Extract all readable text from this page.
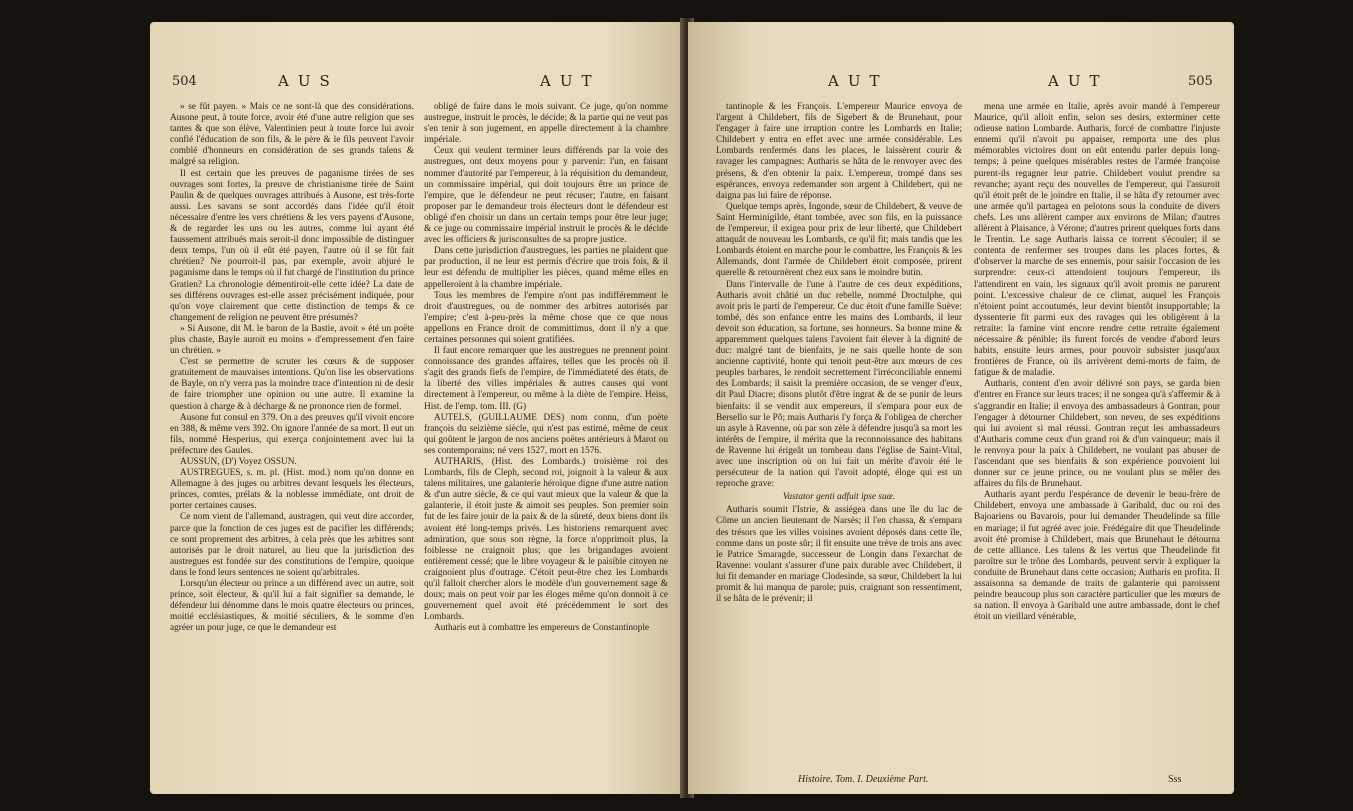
504	AUS	AUT

» se fût payen. » Mais ce ne sont-là que des considérations. Ausone peut, à toute force, avoir été d'une autre religion que ses tantes & que son élève, Valentinien peut à toute force lui avoir confié l'éducation de son fils, & le père & le fils peuvent l'avoir comblé d'honneurs en considération de ses grands talens & malgré sa religion.

Il est certain que les preuves de paganisme tirées de ses ouvrages sont fortes, la preuve de christianisme tirée de Saint Paulin & de quelques ouvrages attribués à Ausone, est très-forte aussi. Les savans se sont accordés dans l'idée qu'il étoit nécessaire d'entre les vers chrétiens & les vers payens d'Ausone, & de regarder les uns ou les autres, comme lui ayant été faussement attribués mais seroit-il donc impossible de distinguer deux temps, l'un où il eût été payen, l'autre où il se fût fait chrétien? Ne pourroit-il pas, par exemple, avoir abjuré le paganisme dans le temps où il fut chargé de l'institution du prince Gratien? La chronologie démentiroit-elle cette idée? La date de ses différens ouvrages est-elle assez précisément indiquée, pour qu'on voye clairement que cette distinction de temps & ce changement de religion ne peuvent être présumés?

» Si Ausone, dit M. le baron de la Bastie, avoit » été un poëte plus chaste, Bayle auroit eu moins » d'empressement d'en faire un chrétien. »

C'est se permettre de scruter les cœurs & de supposer gratuitement de mauvaises intentions. Qu'on lise les observations de Bayle, on n'y verra pas la moindre trace d'intention ni de desir de faire triompher une opinion ou une autre. Il examine la question à charge & à décharge & ne prononce rien de formel.

Ausone fut consul en 379. On a des preuves qu'il vivoit encore en 388, & même vers 392. On ignore l'année de sa mort. Il eut un fils, nommé Hesperius, qui exerça conjointement avec lui la préfecture des Gaules.

AUSSUN, (D') Voyez OSSUN.

AUSTREGUES, s. m. pl. (Hist. mod.) nom qu'on donne en Allemagne à des juges ou arbitres devant lesquels les électeurs, princes, comtes, prélats & la noblesse immédiate, ont droit de porter certaines causes.

Ce nom vient de l'allemand, austragen, qui veut dire accorder, parce que la fonction de ces juges est de pacifier les différends; ce sont proprement des arbitres, à cela près que les arbitres sont autorisés par le droit naturel, au lieu que la jurisdiction des austregues est fondée sur des constitutions de l'empire, quoique dans le fond leurs sentences ne soient qu'arbitrales.

Lorsqu'un électeur ou prince a un différend avec un autre, soit prince, soit électeur, & qu'il lui a fait signifier sa demande, le défendeur lui dénomme dans le mois quatre électeurs ou princes, moitié ecclésiastiques, & moitié séculiers, & le somme d'en agréer un pour juge, ce que le demandeur est

obligé de faire dans le mois suivant. Ce juge, qu'on nomme austregue, instruit le procès, le décide; & la partie qui ne veut pas s'en tenir à son jugement, en appelle directement à la chambre impériale.

Ceux qui veulent terminer leurs différends par la voie des austregues, ont deux moyens pour y parvenir: l'un, en faisant nommer d'autorité par l'empereur, à la réquisition du demandeur, un commissaire impérial, qui doit toujours être un prince de l'empire, que le défendeur ne peut récuser; l'autre, en faisant proposer par le demandeur trois électeurs dont le défendeur est obligé d'en choisir un dans un certain temps pour être leur juge; & ce juge ou commissaire impérial instruit le procès & le décide avec les officiers & jurisconsultes de sa propre justice.

Dans cette jurisdiction d'austregues, les parties ne plaident que par production, il ne leur est permis d'écrire que trois fois, & il leur est défendu de multiplier les pièces, quand même elles en appelleroient à la chambre impériale.

Tous les membres de l'empire n'ont pas indifféremment le droit d'austregues, ou de nommer des arbitres autorisés par l'empire; c'est à-peu-près la même chose que ce que nous appellons en France droit de committimus, dont il n'y a que certaines personnes qui soient gratifiées.

Il faut encore remarquer que les austregues ne prennent point connoissance des grandes affaires, telles que les procès où il s'agit des grands fiefs de l'empire, de l'immédiateté des états, de la liberté des villes impériales & autres causes qui vont directement à l'empereur, ou même à la diète de l'empire. Heiss, Hist. de l'emp. tom. III. (G)

AUTELS, (GUILLAUME DES) nom connu, d'un poëte françois du seizième siècle, qui n'est pas estimé, même de ceux qui goûtent le jargon de nos anciens poëtes antérieurs à Marot ou ses contemporains; né vers 1527, mort en 1576.

AUTHARIS, (Hist. des Lombards.) troisième roi des Lombards, fils de Cleph, second roi, joignoit à la valeur & aux talens militaires, une galanterie héroïque digne d'une autre nation & d'un autre siècle, & ce qui vaut mieux que la valeur & que la galanterie, il étoit juste & aimoit ses peuples. Son premier soin fut de les faire jouir de la paix & de la sûreté, deux biens dont ils avoient été long-temps privés. Les historiens remarquent avec admiration, que sous son règne, la force n'opprimoit plus, la foiblesse ne craignoit plus; que les brigandages avoient entièrement cessé; que le libre voyageur & le paisible citoyen ne craignoient plus d'outrage. C'étoit peut-être chez les Lombards qu'il falloit chercher alors le modèle d'un gouvernement sage & doux; mais on peut voir par les éloges même qu'on donnoit à ce gouvernement quel avoit été précédemment le sort des Lombards.

Autharis eut à combattre les empereurs de Constantinople

AUT	AUT	505

tantinople & les François. L'empereur Maurice envoya de l'argent à Childebert, fils de Sigebert & de Brunehaut, pour l'engager à faire une irruption contre les Lombards en Italie; Childebert y entra en effet avec une armée considérable. Les Lombards renfermés dans les places, le laissèrent courir & ravager les campagnes: Autharis se hâta de le renvoyer avec des présens, & d'en obtenir la paix. L'empereur, trompé dans ses espérances, envoya redemander son argent à Childebert, qui ne daigna pas lui faire de réponse.

Quelque temps après, Ingonde, sœur de Childebert, & veuve de Saint Herminigilde, étant tombée, avec son fils, en la puissance de l'empereur, il exigea pour prix de leur liberté, que Childebert attaquât de nouveau les Lombards, ce qu'il fit; mais tandis que les Lombards étoient en marche pour le combattre, les François & les Allemands, dont l'armée de Childebert étoit composée, prirent querelle & retournèrent chez eux sans le moindre butin.

Dans l'intervalle de l'une à l'autre de ces deux expéditions, Autharis avoit châtié un duc rebelle, nommé Droctulphe, qui avoit pris le parti de l'empereur. Ce duc étoit d'une famille Suève: tombé, dès son enfance entre les mains des Lombards, il leur devoit son éducation, sa fortune, ses honneurs. Sa bonne mine & apparemment quelques talens l'avoient fait élever à la dignité de duc: malgré tant de bienfaits, je ne sais quelle honte de son ancienne captivité, honte qui tenoit peut-être aux mœurs de ces peuples barbares, le rendoit secrettement l'irréconciliable ennemi des Lombards; il saisit la première occasion, de se venger d'eux, dit Paul Diacre; disons plutôt d'être ingrat & de se punir de leurs bienfaits: il se vendit aux empereurs, il s'empara pour eux de Bersello sur le Pô; mais Autharis l'y força & l'obligea de chercher un asyle à Ravenne, où par son zèle à défendre jusqu'à sa mort les intérêts de l'empire, il mérita que la reconnoissance des habitans de Ravenne lui érigeât un tombeau dans l'église de Saint-Vital, avec une inscription où on lui fait un mérite d'avoir été le persécuteur de la nation qui l'avoit adopté, éloge qui est un reproche grave:

Vastator genti adfuit ipse suæ.

Autharis soumit l'Istrie, & assiégea dans une île du lac de Côme un ancien lieutenant de Narsès; il l'en chassa, & s'empara des trésors que les villes voisines avoient déposés dans cette île, comme dans un poste sûr; il fit ensuite une trève de trois ans avec le Patrice Smaragde, successeur de Longin dans l'exarchat de Ravenne: voulant s'assurer d'une paix durable avec Childebert, il lui fit demander en mariage Clodesinde, sa sœur, Childebert la lui promit & lui manqua de parole; puis, craignant son ressentiment, il se hâta de le prévenir; il

mena une armée en Italie, après avoir mandé à l'empereur Maurice, qu'il alloit enfin, selon ses desirs, exterminer cette odieuse nation Lombarde. Autharis, forcé de combattre l'injuste ennemi qu'il n'avoit pu appaiser, remporta une des plus mémorables victoires dont on eût entendu parler depuis long-temps; à peine quelques misérables restes de l'armée françoise purent-ils regagner leur patrie. Childebert voulut prendre sa revanche; ayant reçu des nouvelles de l'empereur, qui l'assuroit qu'il étoit prêt de le joindre en Italie, il se hâta d'y retourner avec une armée qu'il partagea en pelotons sous la conduite de divers chefs. Les uns allèrent camper aux environs de Milan; d'autres allèrent à Plaisance, à Vérone; d'autres prirent quelques forts dans le Trentin. Le sage Autharis laissa ce torrent s'écouler; il se contenta de renfermer ses troupes dans les places fortes, & d'observer la marche de ses ennemis, pour saisir l'occasion de les surprendre: ceux-ci attendoient toujours l'empereur, ils l'attendirent en vain, les signaux qu'il avoit promis ne parurent point. L'excessive chaleur de ce climat, auquel les François n'étoient point accoutumés, leur devint bientôt insupportable; la dyssenterie fit parmi eux des ravages qui les obligèrent à la retraite: la famine vint encore rendre cette retraite également nécessaire & pénible; ils furent forcés de vendre d'abord leurs habits, ensuite leurs armes, pour pouvoir subsister jusqu'aux frontières de France, où ils arrivèrent demi-morts de faim, de fatigue & de maladie.

Autharis, content d'en avoir délivré son pays, se garda bien d'entrer en France sur leurs traces; il ne songea qu'à s'affermir & à s'aggrandir en Italie; il envoya des ambassadeurs à Gontran, pour l'engager à détourner Childebert, son neveu, de ses expéditions qui lui avoient si mal réussi. Gontran reçut les ambassadeurs d'Autharis comme ceux d'un grand roi & d'un vainqueur; mais il le renvoya pour la paix à Childebert, ne voulant pas abuser de l'ascendant que ses bienfaits & son expérience pouvoient lui donner sur ce jeune prince, ou ne voulant plus se mêler des affaires du fils de Brunehaut.

Autharis ayant perdu l'espérance de devenir le beau-frère de Childebert, envoya une ambassade à Garibald, duc ou roi des Bajoariens ou Bavarois, pour lui demander Theudelinde sa fille en mariage; il fut agréé avec joie. Frédégaire dit que Theudelinde avoit été promise à Childebert, mais que Brunehaut le détourna de cette alliance. Les talens & les vertus que Theudelinde fit paroître sur le trône des Lombards, peuvent servir à expliquer la conduite de Brunehaut dans cette occasion; Autharis en profita. Il assaisonna sa demande de traits de galanterie qui paroissent peindre beaucoup plus son caractère particulier que les mœurs de sa nation. Il envoya à Garibald une autre ambassade, dont le chef étoit un vieillard vénérable,

Histoire. Tom. I. Deuxième Part.	Sss
